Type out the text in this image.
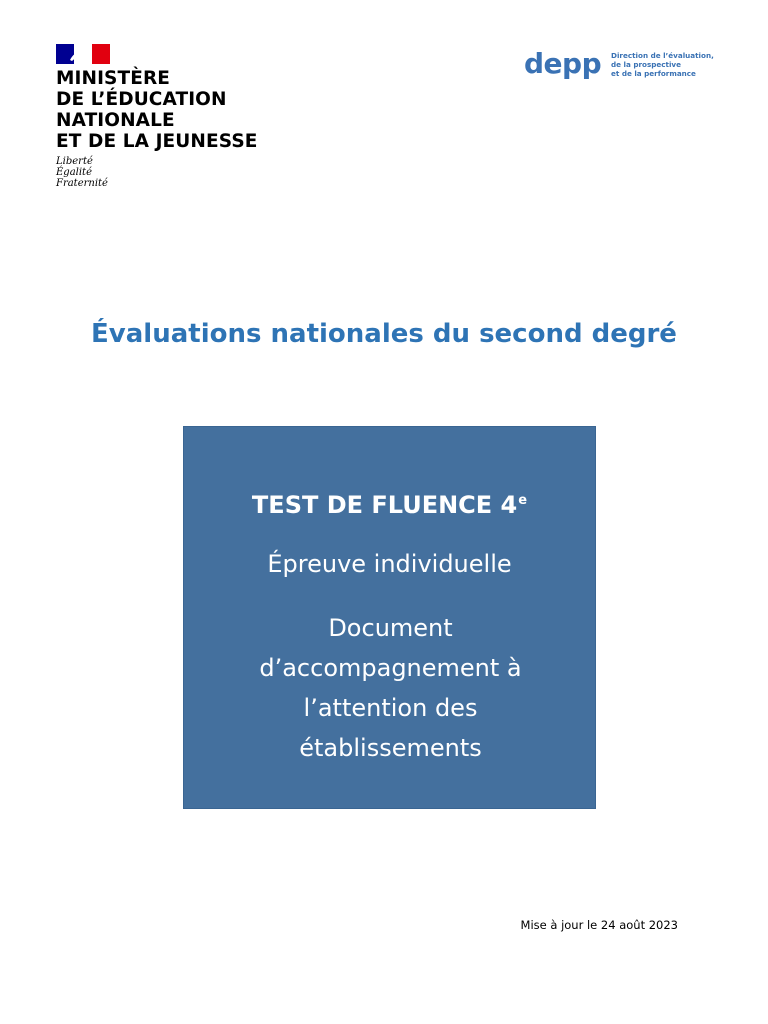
MINISTÈRE
DE L’ÉDUCATION
NATIONALE
ET DE LA JEUNESSE
Liberté
Égalité
Fraternité
depp Direction de l’évaluation,
de la prospective
et de la performance
Évaluations nationales du second degré
TEST DE FLUENCE 4e
Épreuve individuelle
Document
d’accompagnement à
l’attention des
établissements
Mise à jour le 24 août 2023
